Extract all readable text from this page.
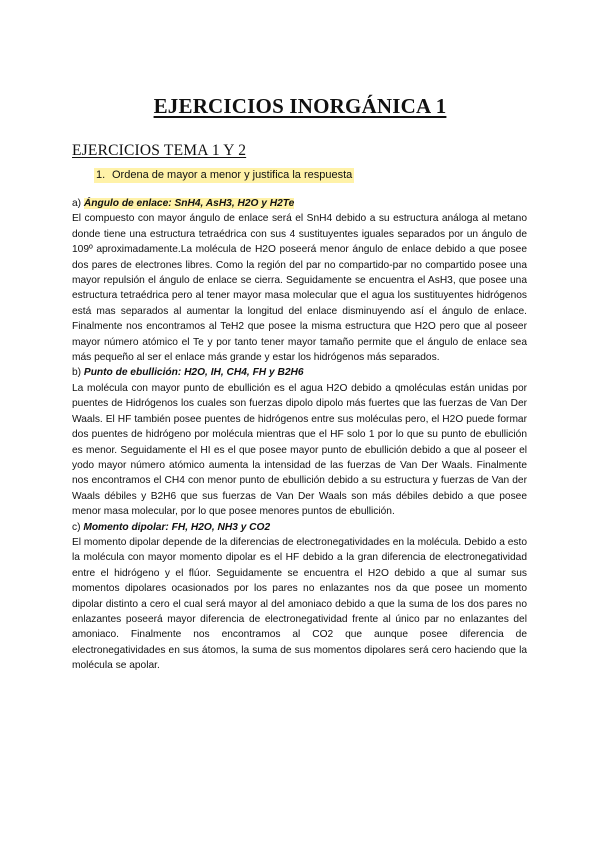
EJERCICIOS INORGÁNICA 1
EJERCICIOS TEMA 1 Y 2
1. Ordena de mayor a menor y justifica la respuesta

a) Ángulo de enlace: SnH4, AsH3, H2O y H2Te

El compuesto con mayor ángulo de enlace será el SnH4 debido a su estructura análoga al metano donde tiene una estructura tetraédrica con sus 4 sustituyentes iguales separados por un ángulo de 109º aproximadamente.La molécula de H2O poseerá menor ángulo de enlace debido a que posee dos pares de electrones libres. Como la región del par no compartido-par no compartido posee una mayor repulsión el ángulo de enlace se cierra. Seguidamente se encuentra el AsH3, que posee una estructura tetraédrica pero al tener mayor masa molecular que el agua los sustituyentes hidrógenos está mas separados al aumentar la longitud del enlace disminuyendo así el ángulo de enlace. Finalmente nos encontramos al TeH2 que posee la misma estructura que H2O pero que al poseer mayor número atómico el Te y por tanto tener mayor tamaño permite que el ángulo de enlace sea más pequeño al ser el enlace más grande y estar los hidrógenos más separados.

b) Punto de ebullición: H2O, IH, CH4, FH y B2H6

La molécula con mayor punto de ebullición es el agua H2O debido a qmoléculas están unidas por puentes de Hidrógenos los cuales son fuerzas dipolo dipolo más fuertes que las fuerzas de Van Der Waals. El HF también posee puentes de hidrógenos entre sus moléculas pero, el H2O puede formar dos puentes de hidrógeno por molécula mientras que el HF solo 1 por lo que su punto de ebullición es menor. Seguidamente el HI es el que posee mayor punto de ebullición debido a que al poseer el yodo mayor número atómico aumenta la intensidad de las fuerzas de Van Der Waals. Finalmente nos encontramos el CH4 con menor punto de ebullición debido a su estructura y fuerzas de Van der Waals débiles y B2H6 que sus fuerzas de Van Der Waals son más débiles debido a que posee menor masa molecular, por lo que posee menores puntos de ebullición.

c) Momento dipolar: FH, H2O, NH3 y CO2

El momento dipolar depende de la diferencias de electronegatividades en la molécula. Debido a esto la molécula con mayor momento dipolar es el HF debido a la gran diferencia de electronegatividad entre el hidrógeno y el flúor. Seguidamente se encuentra el H2O debido a que al sumar sus momentos dipolares ocasionados por los pares no enlazantes nos da que posee un momento dipolar distinto a cero el cual será mayor al del amoniaco debido a que la suma de los dos pares no enlazantes poseerá mayor diferencia de electronegatividad frente al único par no enlazantes del amoniaco. Finalmente nos encontramos al CO2 que aunque posee diferencia de electronegatividades en sus átomos, la suma de sus momentos dipolares será cero haciendo que la molécula se apolar.
